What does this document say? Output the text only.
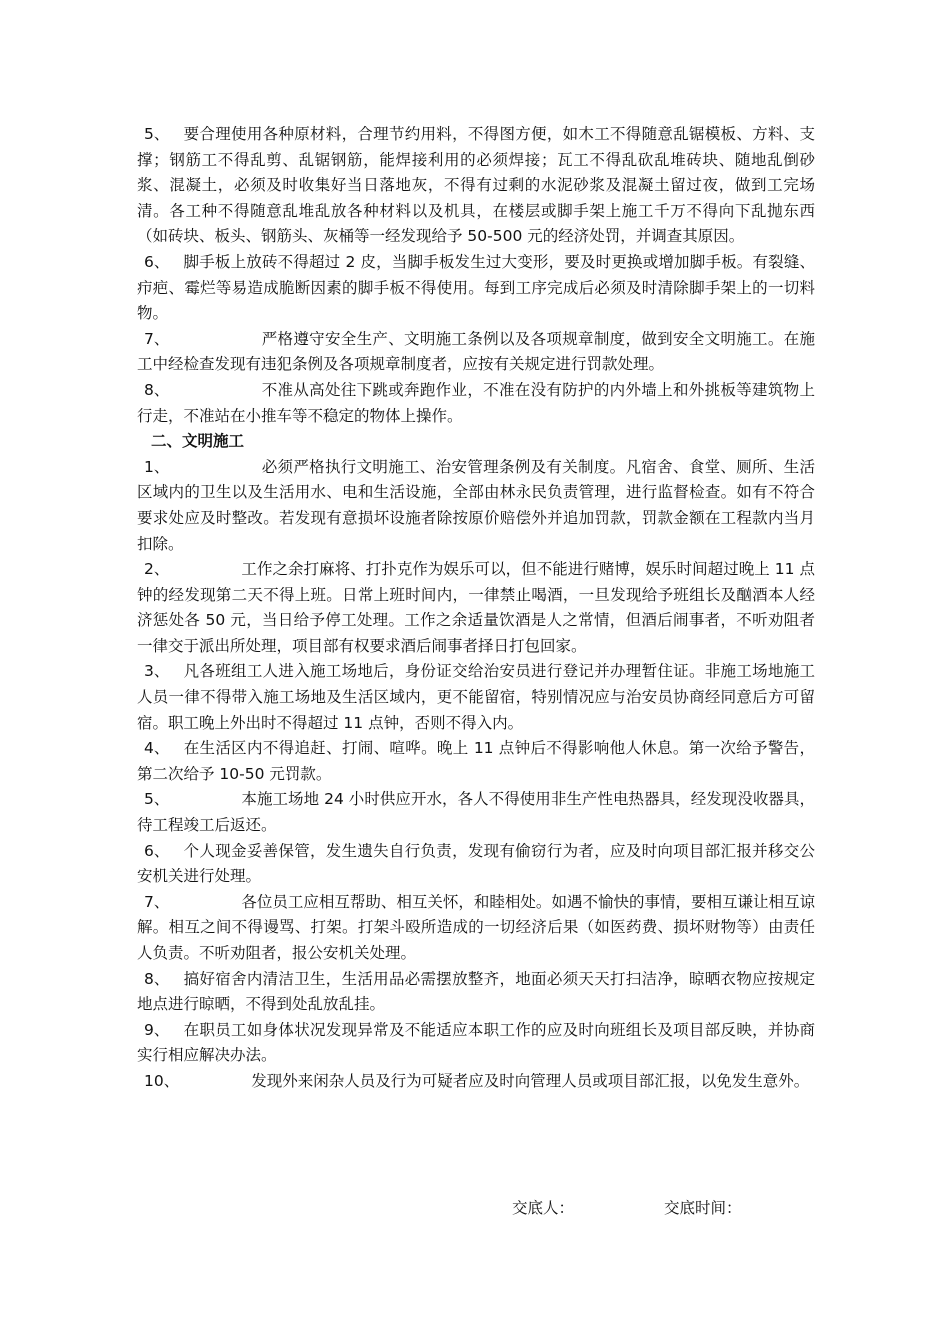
5、 要合理使用各种原材料，合理节约用料，不得图方便，如木工不得随意乱锯模板、方料、支撑；钢筋工不得乱剪、乱锯钢筋，能焊接利用的必须焊接；瓦工不得乱砍乱堆砖块、随地乱倒砂浆、混凝土，必须及时收集好当日落地灰，不得有过剩的水泥砂浆及混凝土留过夜，做到工完场清。各工种不得随意乱堆乱放各种材料以及机具，在楼层或脚手架上施工千万不得向下乱抛东西（如砖块、板头、钢筋头、灰桶等一经发现给予 50-500 元的经济处罚，并调查其原因。

6、 脚手板上放砖不得超过 2 皮，当脚手板发生过大变形，要及时更换或增加脚手板。有裂缝、疖疤、霉烂等易造成脆断因素的脚手板不得使用。每到工序完成后必须及时清除脚手架上的一切料物。

7、	严格遵守安全生产、文明施工条例以及各项规章制度，做到安全文明施工。在施工中经检查发现有违犯条例及各项规章制度者，应按有关规定进行罚款处理。

8、	不准从高处往下跳或奔跑作业，不准在没有防护的内外墙上和外挑板等建筑物上行走，不准站在小推车等不稳定的物体上操作。

二、文明施工

1、	必须严格执行文明施工、治安管理条例及有关制度。凡宿舍、食堂、厕所、生活区域内的卫生以及生活用水、电和生活设施，全部由林永民负责管理，进行监督检查。如有不符合要求处应及时整改。若发现有意损坏设施者除按原价赔偿外并追加罚款，罚款金额在工程款内当月扣除。

2、	工作之余打麻将、打扑克作为娱乐可以，但不能进行赌博，娱乐时间超过晚上 11 点钟的经发现第二天不得上班。日常上班时间内，一律禁止喝酒，一旦发现给予班组长及酗酒本人经济惩处各 50 元，当日给予停工处理。工作之余适量饮酒是人之常情，但酒后闹事者，不听劝阻者一律交于派出所处理，项目部有权要求酒后闹事者择日打包回家。

3、 凡各班组工人进入施工场地后，身份证交给治安员进行登记并办理暂住证。非施工场地施工人员一律不得带入施工场地及生活区域内，更不能留宿，特别情况应与治安员协商经同意后方可留宿。职工晚上外出时不得超过 11 点钟，否则不得入内。

4、 在生活区内不得追赶、打闹、喧哗。晚上 11 点钟后不得影响他人休息。第一次给予警告，第二次给予 10-50 元罚款。

5、	本施工场地 24 小时供应开水，各人不得使用非生产性电热器具，经发现没收器具，待工程竣工后返还。

6、 个人现金妥善保管，发生遗失自行负责，发现有偷窃行为者，应及时向项目部汇报并移交公安机关进行处理。

7、	各位员工应相互帮助、相互关怀，和睦相处。如遇不愉快的事情，要相互谦让相互谅解。相互之间不得谩骂、打架。打架斗殴所造成的一切经济后果（如医药费、损坏财物等）由责任人负责。不听劝阻者，报公安机关处理。

8、 搞好宿舍内清洁卫生，生活用品必需摆放整齐，地面必须天天打扫洁净，晾晒衣物应按规定地点进行晾晒，不得到处乱放乱挂。

9、 在职员工如身体状况发现异常及不能适应本职工作的应及时向班组长及项目部反映，并协商实行相应解决办法。

10、	发现外来闲杂人员及行为可疑者应及时向管理人员或项目部汇报，以免发生意外。

交底人：	交底时间：
